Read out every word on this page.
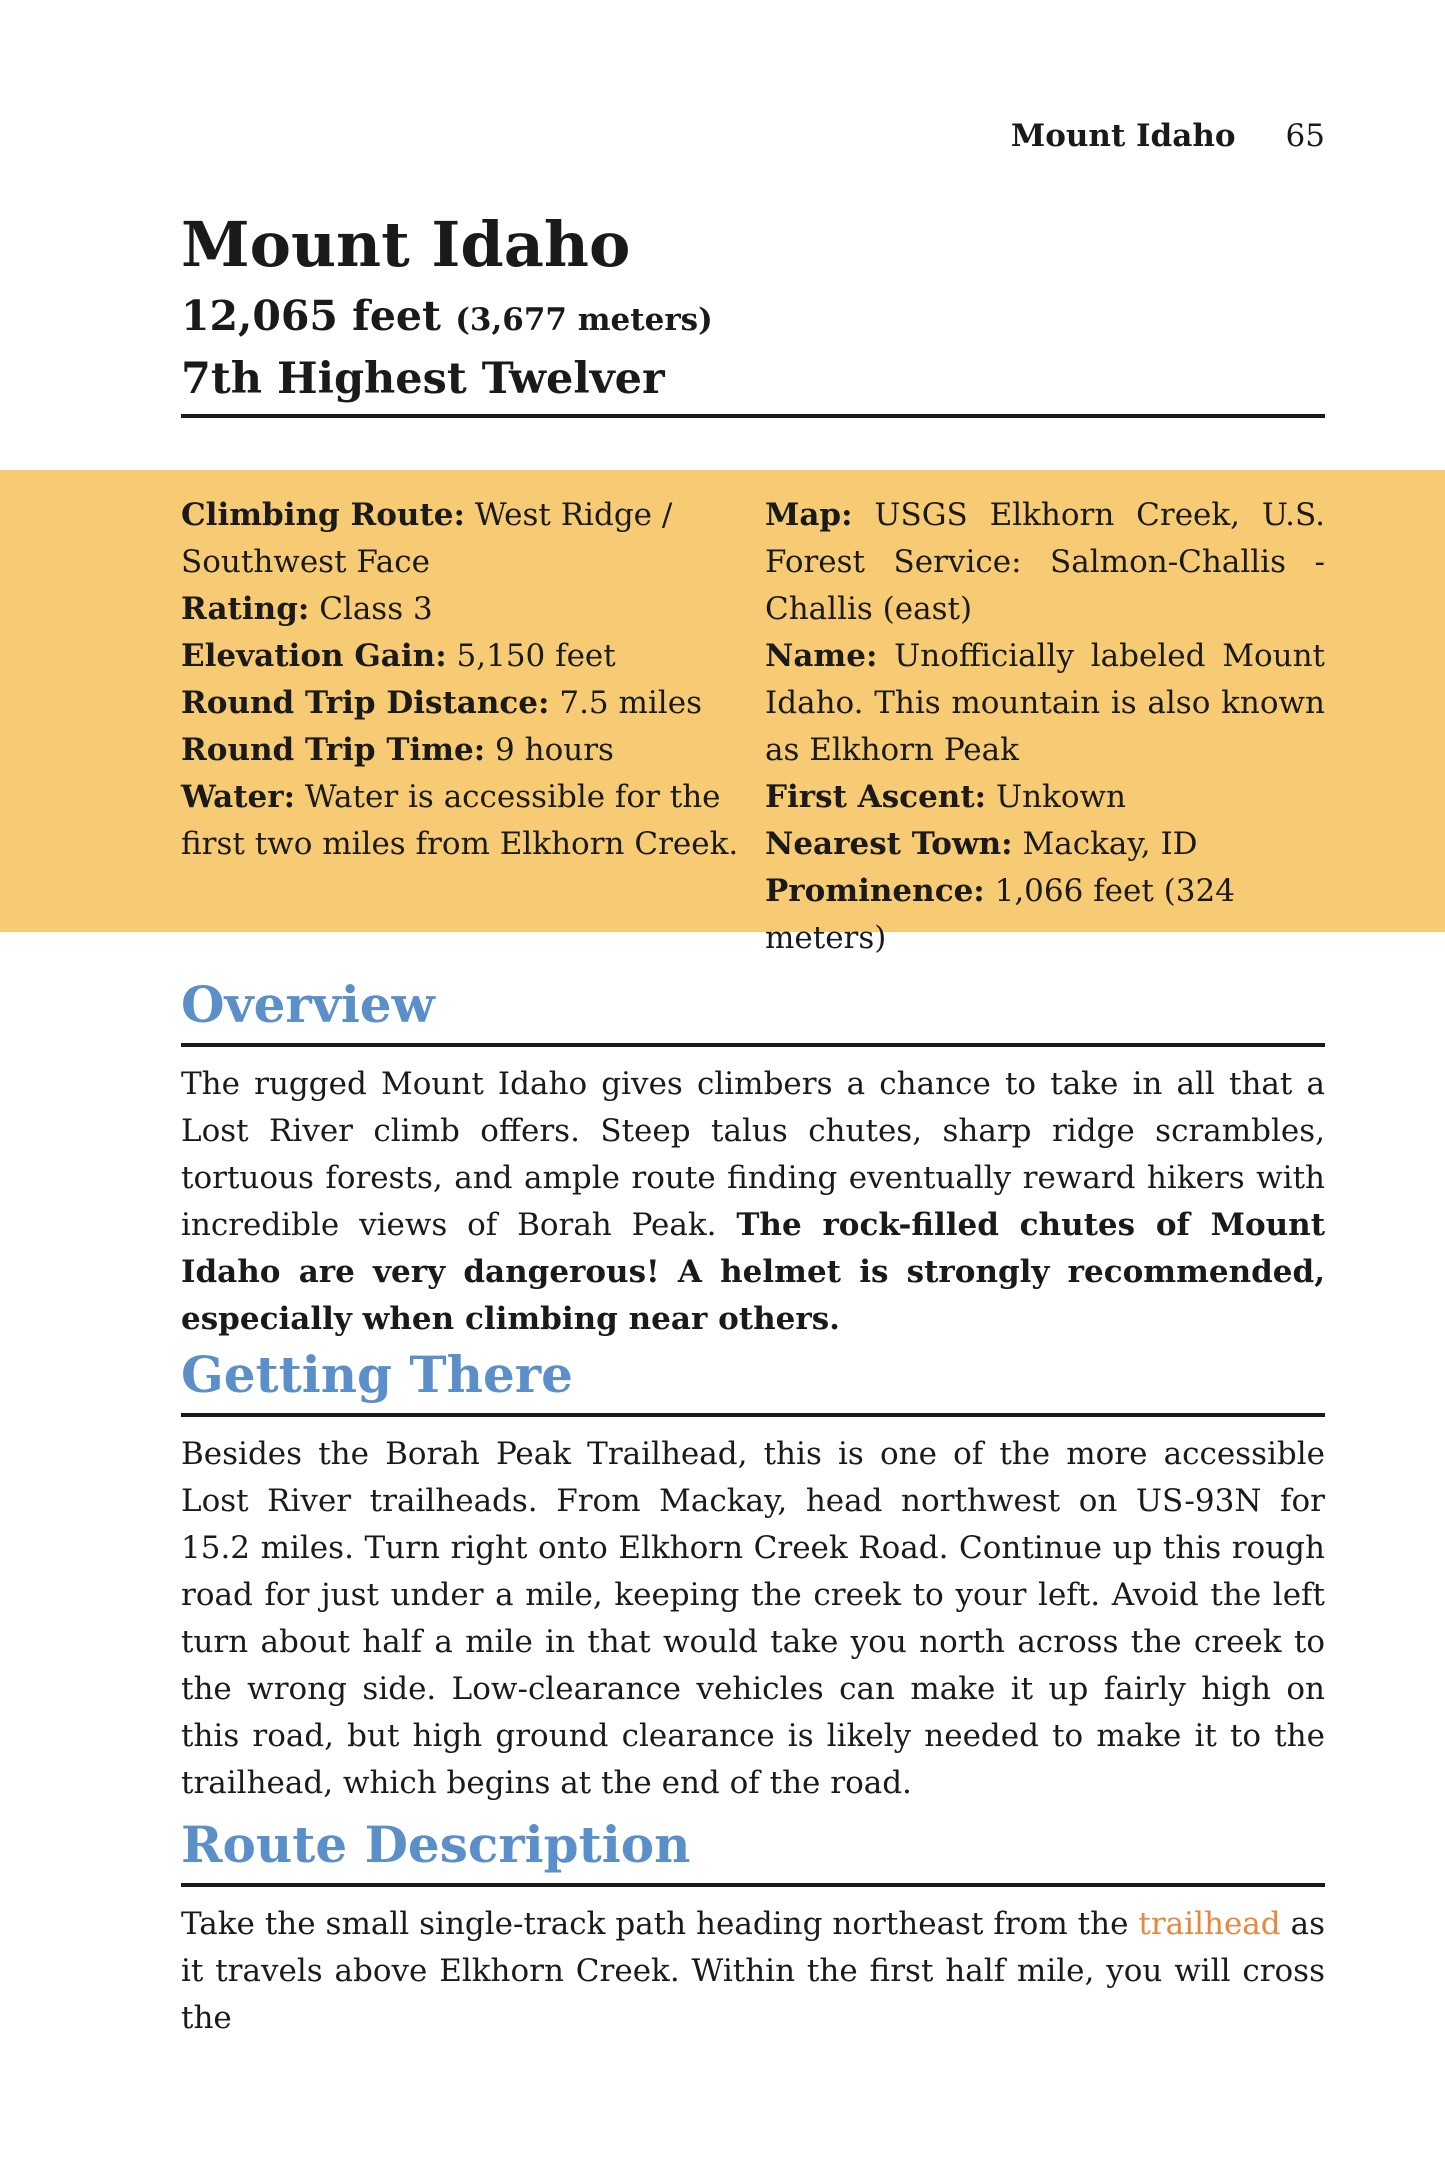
Mount Idaho 65
Mount Idaho
12,065 feet (3,677 meters)
7th Highest Twelver
Climbing Route: West Ridge / Southwest Face
Rating: Class 3
Elevation Gain: 5,150 feet
Round Trip Distance: 7.5 miles
Round Trip Time: 9 hours
Water: Water is accessible for the first two miles from Elkhorn Creek.
Map: USGS Elkhorn Creek, U.S. Forest Service: Salmon-Challis - Challis (east)
Name: Unofficially labeled Mount Idaho. This mountain is also known as Elkhorn Peak
First Ascent: Unkown
Nearest Town: Mackay, ID
Prominence: 1,066 feet (324 meters)
Overview

The rugged Mount Idaho gives climbers a chance to take in all that a Lost River climb offers. Steep talus chutes, sharp ridge scrambles, tortuous forests, and ample route finding eventually reward hikers with incredible views of Borah Peak. The rock-filled chutes of Mount Idaho are very dangerous! A helmet is strongly recommended, especially when climbing near others.

Getting There

Besides the Borah Peak Trailhead, this is one of the more accessible Lost River trailheads. From Mackay, head northwest on US-93N for 15.2 miles. Turn right onto Elkhorn Creek Road. Continue up this rough road for just under a mile, keeping the creek to your left. Avoid the left turn about half a mile in that would take you north across the creek to the wrong side. Low-clearance vehicles can make it up fairly high on this road, but high ground clearance is likely needed to make it to the trailhead, which begins at the end of the road.

Route Description

Take the small single-track path heading northeast from the trailhead as it travels above Elkhorn Creek. Within the first half mile, you will cross the
